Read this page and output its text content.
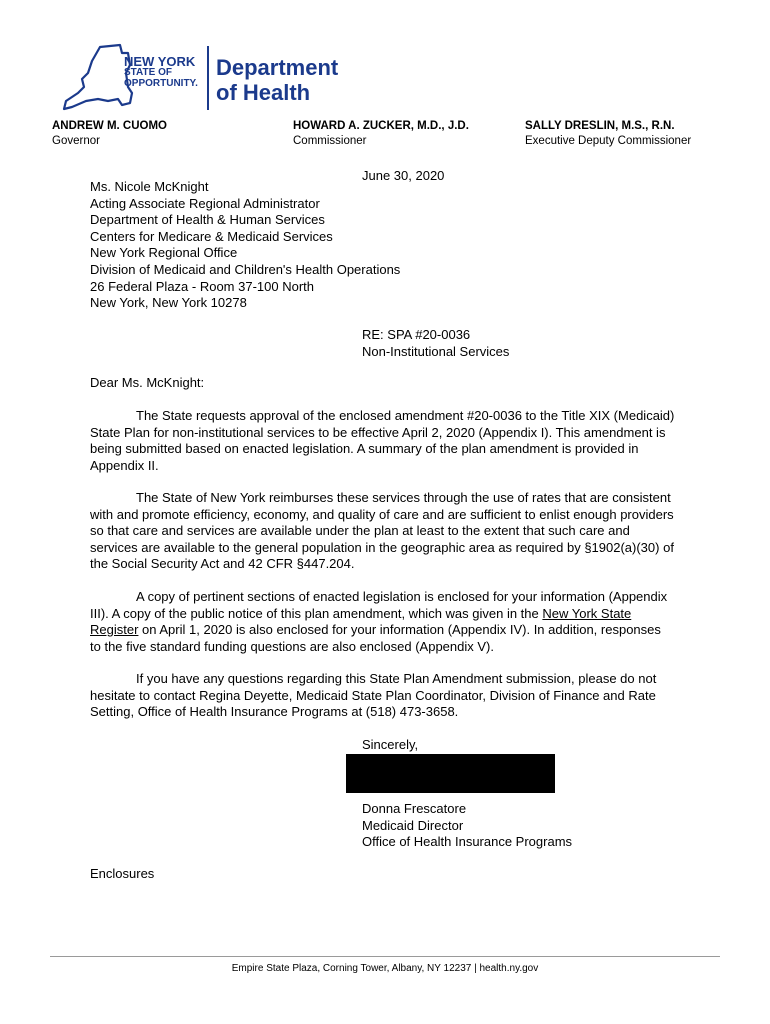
NEW YORK
STATE OF
OPPORTUNITY.
Department
of Health
ANDREW M. CUOMO
Governor
HOWARD A. ZUCKER, M.D., J.D.
Commissioner
SALLY DRESLIN, M.S., R.N.
Executive Deputy Commissioner
June 30, 2020

Ms. Nicole McKnight

Acting Associate Regional Administrator

Department of Health & Human Services

Centers for Medicare & Medicaid Services

New York Regional Office

Division of Medicaid and Children's Health Operations

26 Federal Plaza - Room 37-100 North

New York, New York 10278

RE: SPA #20-0036

Non-Institutional Services

Dear Ms. McKnight:

The State requests approval of the enclosed amendment #20-0036 to the Title XIX (Medicaid) State Plan for non-institutional services to be effective April 2, 2020 (Appendix I). This amendment is being submitted based on enacted legislation. A summary of the plan amendment is provided in Appendix II.

The State of New York reimburses these services through the use of rates that are consistent with and promote efficiency, economy, and quality of care and are sufficient to enlist enough providers so that care and services are available under the plan at least to the extent that such care and services are available to the general population in the geographic area as required by §1902(a)(30) of the Social Security Act and 42 CFR §447.204.

A copy of pertinent sections of enacted legislation is enclosed for your information (Appendix III). A copy of the public notice of this plan amendment, which was given in the New York State Register on April 1, 2020 is also enclosed for your information (Appendix IV). In addition, responses to the five standard funding questions are also enclosed (Appendix V).

If you have any questions regarding this State Plan Amendment submission, please do not hesitate to contact Regina Deyette, Medicaid State Plan Coordinator, Division of Finance and Rate Setting, Office of Health Insurance Programs at (518) 473-3658.

Sincerely,

Donna Frescatore

Medicaid Director

Office of Health Insurance Programs

Enclosures
Empire State Plaza, Corning Tower, Albany, NY 12237 | health.ny.gov
